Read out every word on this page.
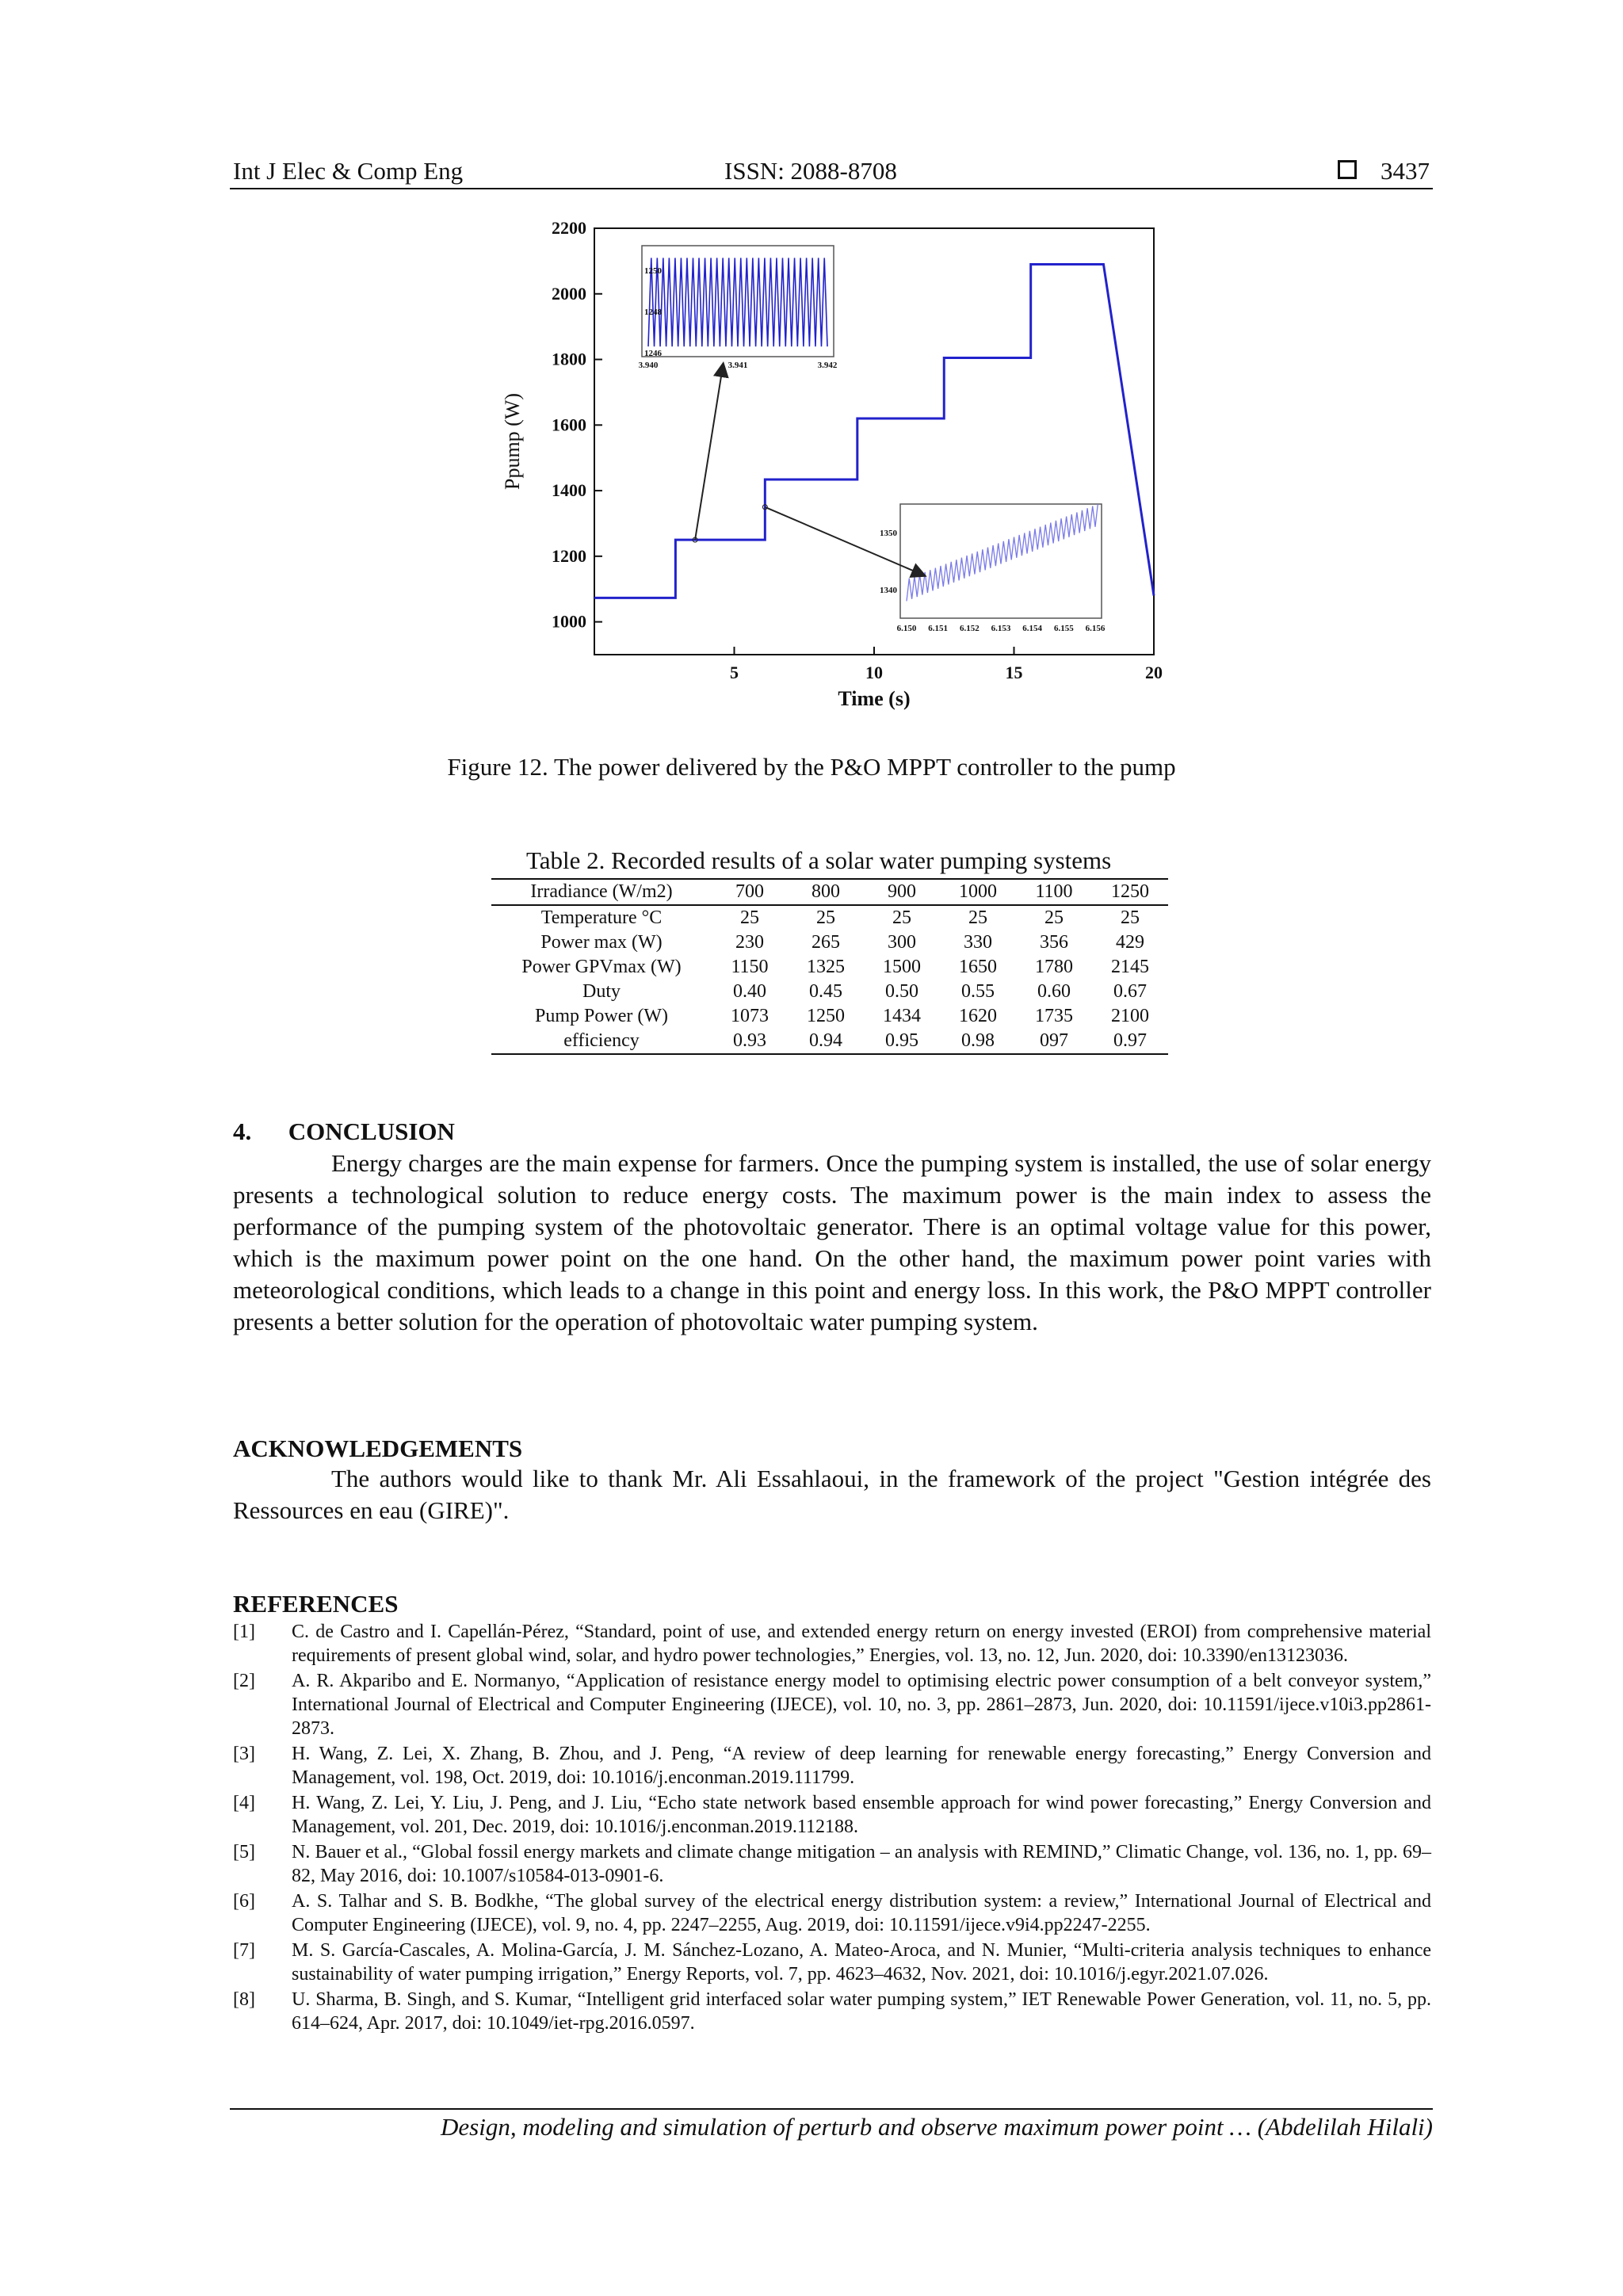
Int J Elec & Comp Eng	ISSN: 2088-8708	3437
1000
1200
1400
1600
1800
2000
2200
5	10	15	20
Time (s)
Ppump (W)
1246
1248
1250
3.940	3.941	3.942
1340
1350
6.150 6.151 6.152 6.153 6.154 6.155 6.156
Figure 12. The power delivered by the P&O MPPT controller to the pump
Table 2. Recorded results of a solar water pumping systems
Irradiance (W/m2)	700	800	900	1000	1100	1250
Temperature °C	25	25	25	25	25	25
Power max (W)	230	265	300	330	356	429
Power GPVmax (W)	1150	1325	1500	1650	1780	2145
Duty	0.40	0.45	0.50	0.55	0.60	0.67
Pump Power (W)	1073	1250	1434	1620	1735	2100
efficiency	0.93	0.94	0.95	0.98	097	0.97
4.      CONCLUSION
Energy charges are the main expense for farmers. Once the pumping system is installed, the use of solar energy presents a technological solution to reduce energy costs. The maximum power is the main index to assess the performance of the pumping system of the photovoltaic generator. There is an optimal voltage value for this power, which is the maximum power point on the one hand. On the other hand, the maximum power point varies with meteorological conditions, which leads to a change in this point and energy loss. In this work, the P&O MPPT controller presents a better solution for the operation of photovoltaic water pumping system.
ACKNOWLEDGEMENTS
The authors would like to thank Mr. Ali Essahlaoui, in the framework of the project "Gestion intégrée des Ressources en eau (GIRE)".
REFERENCES
[1] C. de Castro and I. Capellán-Pérez, “Standard, point of use, and extended energy return on energy invested (EROI) from comprehensive material requirements of present global wind, solar, and hydro power technologies,” Energies, vol. 13, no. 12, Jun. 2020, doi: 10.3390/en13123036.
[2] A. R. Akparibo and E. Normanyo, “Application of resistance energy model to optimising electric power consumption of a belt conveyor system,” International Journal of Electrical and Computer Engineering (IJECE), vol. 10, no. 3, pp. 2861–2873, Jun. 2020, doi: 10.11591/ijece.v10i3.pp2861-2873.
[3] H. Wang, Z. Lei, X. Zhang, B. Zhou, and J. Peng, “A review of deep learning for renewable energy forecasting,” Energy Conversion and Management, vol. 198, Oct. 2019, doi: 10.1016/j.enconman.2019.111799.
[4] H. Wang, Z. Lei, Y. Liu, J. Peng, and J. Liu, “Echo state network based ensemble approach for wind power forecasting,” Energy Conversion and Management, vol. 201, Dec. 2019, doi: 10.1016/j.enconman.2019.112188.
[5] N. Bauer et al., “Global fossil energy markets and climate change mitigation – an analysis with REMIND,” Climatic Change, vol. 136, no. 1, pp. 69–82, May 2016, doi: 10.1007/s10584-013-0901-6.
[6] A. S. Talhar and S. B. Bodkhe, “The global survey of the electrical energy distribution system: a review,” International Journal of Electrical and Computer Engineering (IJECE), vol. 9, no. 4, pp. 2247–2255, Aug. 2019, doi: 10.11591/ijece.v9i4.pp2247-2255.
[7] M. S. García-Cascales, A. Molina-García, J. M. Sánchez-Lozano, A. Mateo-Aroca, and N. Munier, “Multi-criteria analysis techniques to enhance sustainability of water pumping irrigation,” Energy Reports, vol. 7, pp. 4623–4632, Nov. 2021, doi: 10.1016/j.egyr.2021.07.026.
[8] U. Sharma, B. Singh, and S. Kumar, “Intelligent grid interfaced solar water pumping system,” IET Renewable Power Generation, vol. 11, no. 5, pp. 614–624, Apr. 2017, doi: 10.1049/iet-rpg.2016.0597.
Design, modeling and simulation of perturb and observe maximum power point … (Abdelilah Hilali)
